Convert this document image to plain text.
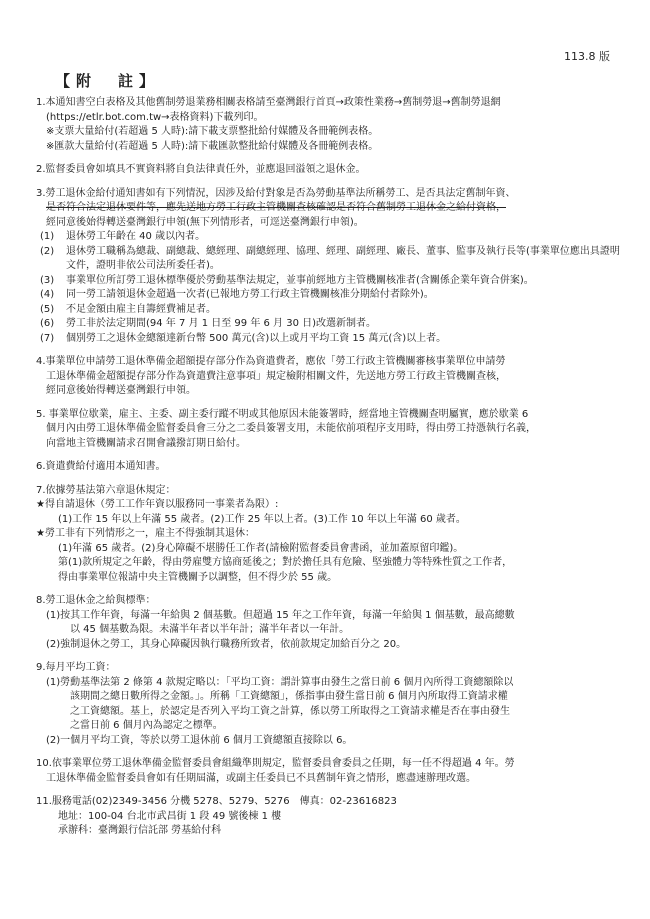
113.8 版
【附　註】
1.本通知書空白表格及其他舊制勞退業務相關表格請至臺灣銀行首頁→政策性業務→舊制勞退→舊制勞退網
(https://etlr.bot.com.tw→表格資料)下載列印。
※支票大量給付(若超過 5 人時):請下載支票整批給付媒體及各冊範例表格。
※匯款大量給付(若超過 5 人時):請下載匯款整批給付媒體及各冊範例表格。
2.監督委員會如填具不實資料將自負法律責任外，並應退回溢領之退休金。
3.勞工退休金給付通知書如有下列情況，因涉及給付對象是否為勞動基準法所稱勞工、是否具法定舊制年資、
是否符合法定退休要件等，應先送地方勞工行政主管機關查核確認是否符合舊制勞工退休金之給付資格，
經同意後始得轉送臺灣銀行申領(無下列情形者，可逕送臺灣銀行申領)。
(1)	退休勞工年齡在 40 歲以內者。
(2)	退休勞工職稱為總裁、副總裁、總經理、副總經理、協理、經理、副經理、廠長、董事、監事及執行長等(事業單位應出具證明文件，證明非依公司法所委任者)。
(3)	事業單位所訂勞工退休標準優於勞動基準法規定，並事前經地方主管機關核准者(含關係企業年資合併案)。
(4)	同一勞工請領退休金超過一次者(已報地方勞工行政主管機關核准分期給付者除外)。
(5)	不足金額由雇主自籌經費補足者。
(6)	勞工非於法定期間(94 年 7 月 1 日至 99 年 6 月 30 日)改選新制者。
(7)	個別勞工之退休金總額達新台幣 500 萬元(含)以上或月平均工資 15 萬元(含)以上者。
4.事業單位申請勞工退休準備金超額提存部分作為資遣費者，應依「勞工行政主管機關審核事業單位申請勞
工退休準備金超額提存部分作為資遣費注意事項」規定檢附相關文件，先送地方勞工行政主管機關查核，
經同意後始得轉送臺灣銀行申領。
5. 事業單位歇業，雇主、主委、副主委行蹤不明或其他原因未能簽署時，經當地主管機關查明屬實，應於歇業 6
個月內由勞工退休準備金監督委員會三分之二委員簽署支用，未能依前項程序支用時，得由勞工持憑執行名義，
向當地主管機關請求召開會議撥訂期日給付。
6.資遣費給付適用本通知書。
7.依據勞基法第六章退休規定：
★得自請退休（勞工工作年資以服務同一事業者為限）:
(1)工作 15 年以上年滿 55 歲者。(2)工作 25 年以上者。(3)工作 10 年以上年滿 60 歲者。
★勞工非有下列情形之一，雇主不得強制其退休：
(1)年滿 65 歲者。(2)身心障礙不堪勝任工作者(請檢附監督委員會書函，並加蓋原留印鑑)。
第(1)款所規定之年齡，得由勞雇雙方協商延後之；對於擔任具有危險、堅強體力等特殊性質之工作者，
得由事業單位報請中央主管機關予以調整，但不得少於 55 歲。
8.勞工退休金之給與標準：
(1)按其工作年資，每滿一年給與 2 個基數。但超過 15 年之工作年資，每滿一年給與 1 個基數，最高總數
以 45 個基數為限。未滿半年者以半年計；滿半年者以一年計。
(2)強制退休之勞工，其身心障礙因執行職務所致者，依前款規定加給百分之 20。
9.每月平均工資：
(1)勞動基準法第 2 條第 4 款規定略以：「平均工資：謂計算事由發生之當日前 6 個月內所得工資總額除以
該期間之總日數所得之金額。」。所稱「工資總額」，係指事由發生當日前 6 個月內所取得工資請求權
之工資總額。基上，於認定是否列入平均工資之計算，係以勞工所取得之工資請求權是否在事由發生
之當日前 6 個月內為認定之標準。
(2)一個月平均工資，等於以勞工退休前 6 個月工資總額直接除以 6。
10.依事業單位勞工退休準備金監督委員會組織準則規定，監督委員會委員之任期，每一任不得超過 4 年。勞
工退休準備金監督委員會如有任期屆滿，或副主任委員已不具舊制年資之情形，應盡速辦理改選。
11.服務電話(02)2349-3456 分機 5278、5279、5276　傳真：02-23616823
地址：100-04 台北市武昌街 1 段 49 號後棟 1 樓
承辦科：臺灣銀行信託部 勞基給付科
